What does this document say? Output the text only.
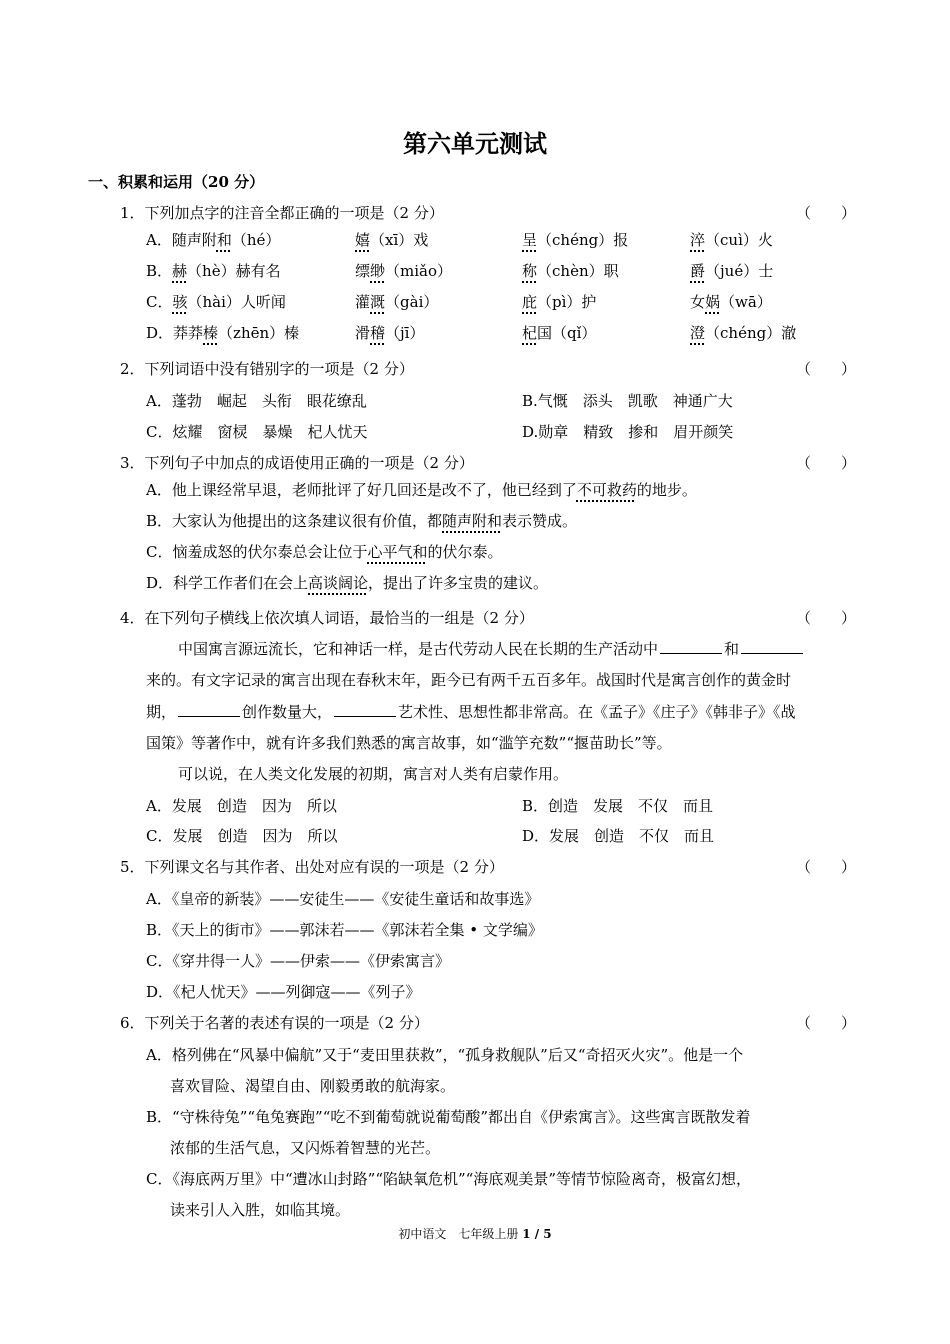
第六单元测试
一、积累和运用（20 分）
1．下列加点字的注音全都正确的一项是（2 分）	（　　）
A．随声附和（hé）	嬉（xī）戏	呈（chéng）报	淬（cuì）火
B．赫（hè）赫有名	缥缈（miǎo）	称（chèn）职	爵（jué）士
C．骇（hài）人听闻	灌溉（gài）	庇（pì）护	女娲（wā）
D．莽莽榛（zhēn）榛	滑稽（jī）	杞国（qǐ）	澄（chéng）澈
2．下列词语中没有错别字的一项是（2 分）	（　　）
A．蓬勃　崛起　头衔　眼花缭乱	B.气慨　添头　凯歌　神通广大
C．炫耀　窗棂　暴燥　杞人忧天	D.勋章　精致　掺和　眉开颜笑
3．下列句子中加点的成语使用正确的一项是（2 分）	（　　）
A．他上课经常早退，老师批评了好几回还是改不了，他已经到了不可救药的地步。
B．大家认为他提出的这条建议很有价值，都随声附和表示赞成。
C．恼羞成怒的伏尔泰总会让位于心平气和的伏尔泰。
D．科学工作者们在会上高谈阔论，提出了许多宝贵的建议。
4．在下列句子横线上依次填人词语，最恰当的一组是（2 分）	（　　）
中国寓言源远流长，它和神话一样，是古代劳动人民在长期的生产活动中	和
来的。有文字记录的寓言出现在春秋末年，距今已有两千五百多年。战国时代是寓言创作的黄金时
期，	创作数量大，	艺术性、思想性都非常高。在《孟子》《庄子》《韩非子》《战
国策》等著作中，就有许多我们熟悉的寓言故事，如“滥竽充数”“揠苗助长”等。
可以说，在人类文化发展的初期，寓言对人类有启蒙作用。
A．发展　创造　因为　所以	B．创造　发展　不仅　而且
C．发展　创造　因为　所以	D．发展　创造　不仅　而且
5．下列课文名与其作者、出处对应有误的一项是（2 分）	（　　）
A．《皇帝的新装》——安徒生——《安徒生童话和故事选》
B．《天上的街市》——郭沫若——《郭沫若全集 • 文学编》
C．《穿井得一人》——伊索——《伊索寓言》
D．《杞人忧天》——列御寇——《列子》
6．下列关于名著的表述有误的一项是（2 分）	（　　）
A．格列佛在“风暴中偏航”又于“麦田里获救”，“孤身救舰队”后又“奇招灭火灾”。他是一个
喜欢冒险、渴望自由、刚毅勇敢的航海家。
B．“守株待兔”“龟兔赛跑”“吃不到葡萄就说葡萄酸”都出自《伊索寓言》。这些寓言既散发着
浓郁的生活气息，又闪烁着智慧的光芒。
C．《海底两万里》中“遭冰山封路”“陷缺氧危机”“海底观美景”等情节惊险离奇，极富幻想，
读来引人入胜，如临其境。
初中语文　七年级上册 1 / 5
